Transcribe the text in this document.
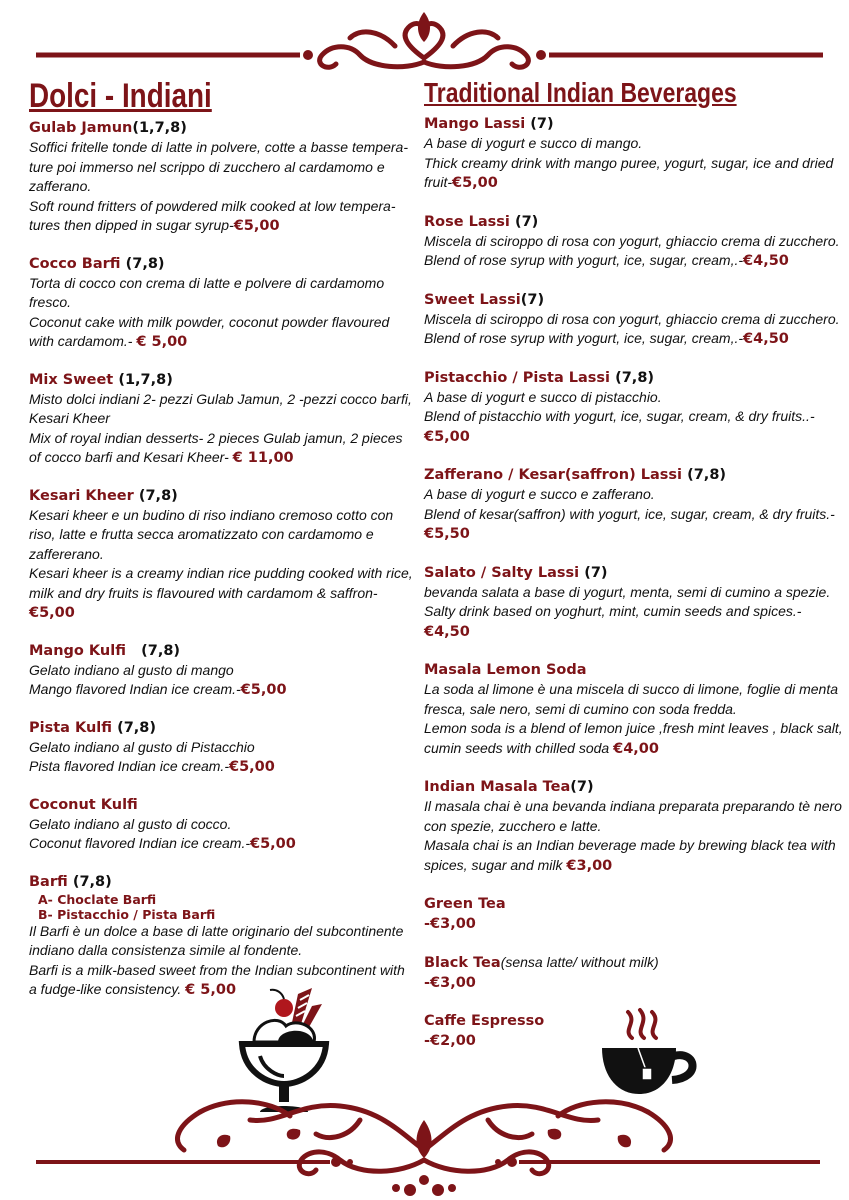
Dolci - Indiani
Gulab Jamun(1,7,8)

Soffici fritelle tonde di latte in polvere, cotte a basse tempera-ture poi immerso nel scrippo di zucchero al cardamomo e zafferano.
Soft round fritters of powdered milk cooked at low tempera-tures then dipped in sugar syrup-€5,00

Cocco Barfi (7,8)

Torta di cocco con crema di latte e polvere di cardamomo fresco.
Coconut cake with milk powder, coconut powder flavoured with cardamom.- € 5,00

Mix Sweet (1,7,8)

Misto dolci indiani 2- pezzi Gulab Jamun, 2 -pezzi cocco barfi, Kesari Kheer
Mix of royal indian desserts- 2 pieces Gulab jamun, 2 pieces of cocco barfi and Kesari Kheer- € 11,00

Kesari Kheer (7,8)

Kesari kheer e un budino di riso indiano cremoso cotto con riso, latte e frutta secca aromatizzato con cardamomo e zaffererano.
Kesari kheer is a creamy indian rice pudding cooked with rice, milk and dry fruits is flavoured with cardamom & saffron-€5,00

Mango Kulfi (7,8)

Gelato indiano al gusto di mango
Mango flavored Indian ice cream.-€5,00

Pista Kulfi (7,8)

Gelato indiano al gusto di Pistacchio
Pista flavored Indian ice cream.-€5,00

Coconut Kulfi

Gelato indiano al gusto di cocco.
Coconut flavored Indian ice cream.-€5,00

Barfi (7,8)
A- Choclate Barfi
B- Pistacchio / Pista Barfi

Il Barfi è un dolce a base di latte originario del subcontinente indiano dalla consistenza simile al fondente.
Barfi is a milk-based sweet from the Indian subcontinent with a fudge-like consistency. € 5,00

Traditional Indian Beverages
Mango Lassi (7)

A base di yogurt e succo di mango.
Thick creamy drink with mango puree, yogurt, sugar, ice and dried fruit-€5,00

Rose Lassi (7)

Miscela di sciroppo di rosa con yogurt, ghiaccio crema di zucchero.
Blend of rose syrup with yogurt, ice, sugar, cream,.-€4,50

Sweet Lassi(7)

Miscela di sciroppo di rosa con yogurt, ghiaccio crema di zucchero.
Blend of rose syrup with yogurt, ice, sugar, cream,.-€4,50

Pistacchio / Pista Lassi (7,8)

A base di yogurt e succo di pistacchio.
Blend of pistacchio with yogurt, ice, sugar, cream, & dry fruits..-€5,00

Zafferano / Kesar(saffron) Lassi (7,8)

A base di yogurt e succo e zafferano.
Blend of kesar(saffron) with yogurt, ice, sugar, cream, & dry fruits.-€5,50

Salato / Salty Lassi (7)

bevanda salata a base di yogurt, menta, semi di cumino a spezie.
Salty drink based on yoghurt, mint, cumin seeds and spices.-€4,50

Masala Lemon Soda

La soda al limone è una miscela di succo di limone, foglie di menta fresca, sale nero, semi di cumino con soda fredda.
Lemon soda is a blend of lemon juice ,fresh mint leaves , black salt, cumin seeds with chilled soda €4,00

Indian Masala Tea(7)

Il masala chai è una bevanda indiana preparata preparando tè nero con spezie, zucchero e latte.
Masala chai is an Indian beverage made by brewing black tea with spices, sugar and milk €3,00

Green Tea
-€3,00
Black Tea(sensa latte/ without milk)
-€3,00
Caffe Espresso
-€2,00
